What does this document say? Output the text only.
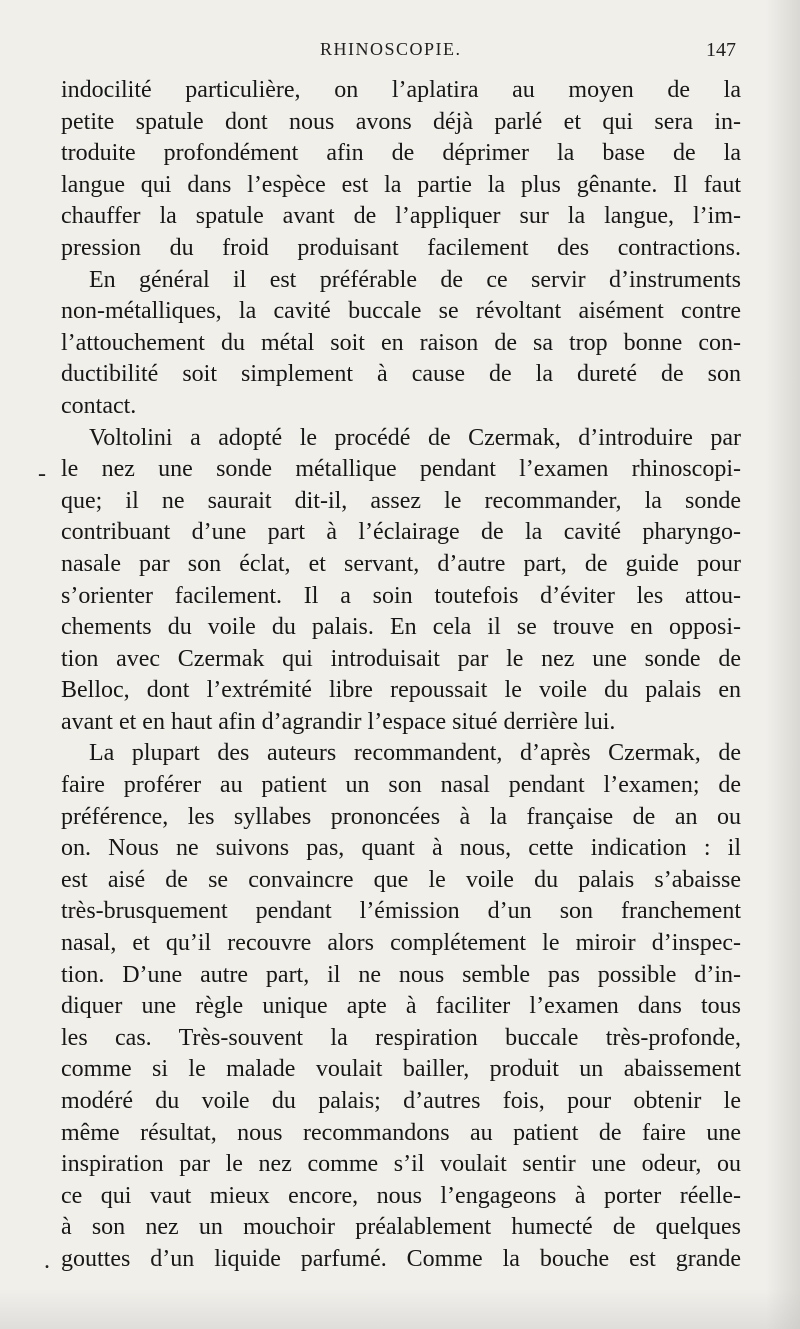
RHINOSCOPIE.	147
-
.
indocilité particulière, on l’aplatira au moyen de la
petite spatule dont nous avons déjà parlé et qui sera in-
troduite profondément afin de déprimer la base de la
langue qui dans l’espèce est la partie la plus gênante. Il faut
chauffer la spatule avant de l’appliquer sur la langue, l’im-
pression du froid produisant facilement des contractions.
En général il est préférable de ce servir d’instruments
non-métalliques, la cavité buccale se révoltant aisément contre
l’attouchement du métal soit en raison de sa trop bonne con-
ductibilité soit simplement à cause de la dureté de son
contact.
Voltolini a adopté le procédé de Czermak, d’introduire par
le nez une sonde métallique pendant l’examen rhinoscopi-
que; il ne saurait dit-il, assez le recommander, la sonde
contribuant d’une part à l’éclairage de la cavité pharyngo-
nasale par son éclat, et servant, d’autre part, de guide pour
s’orienter facilement. Il a soin toutefois d’éviter les attou-
chements du voile du palais. En cela il se trouve en opposi-
tion avec Czermak qui introduisait par le nez une sonde de
Belloc, dont l’extrémité libre repoussait le voile du palais en
avant et en haut afin d’agrandir l’espace situé derrière lui.
La plupart des auteurs recommandent, d’après Czermak, de
faire proférer au patient un son nasal pendant l’examen; de
préférence, les syllabes prononcées à la française de an ou
on. Nous ne suivons pas, quant à nous, cette indication : il
est aisé de se convaincre que le voile du palais s’abaisse
très-brusquement pendant l’émission d’un son franchement
nasal, et qu’il recouvre alors complétement le miroir d’inspec-
tion. D’une autre part, il ne nous semble pas possible d’in-
diquer une règle unique apte à faciliter l’examen dans tous
les cas. Très-souvent la respiration buccale très-profonde,
comme si le malade voulait bailler, produit un abaissement
modéré du voile du palais; d’autres fois, pour obtenir le
même résultat, nous recommandons au patient de faire une
inspiration par le nez comme s’il voulait sentir une odeur, ou
ce qui vaut mieux encore, nous l’engageons à porter réelle-
à son nez un mouchoir préalablement humecté de quelques
gouttes d’un liquide parfumé. Comme la bouche est grande
